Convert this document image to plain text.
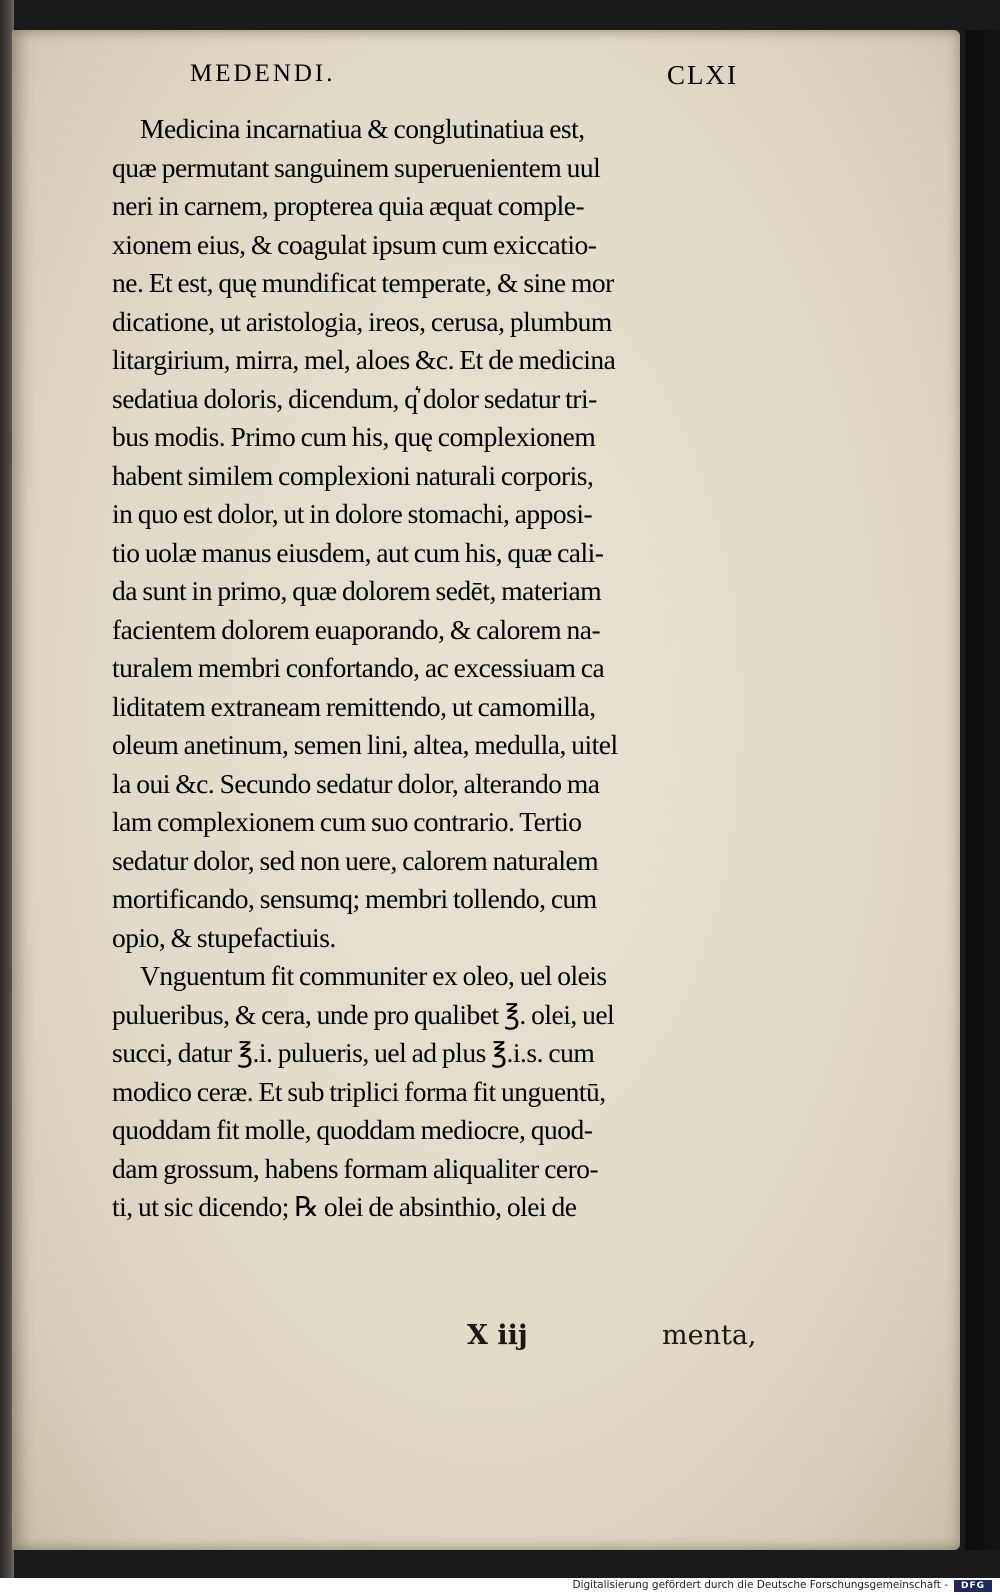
MEDENDI.	CLXI
Medicina incarnatiua & conglutinatiua est,
quæ permutant sanguinem superuenientem uul
neri in carnem, propterea quia æquat comple-
xionem eius, & coagulat ipsum cum exiccatio-
ne. Et est, quę mundificat temperate, & sine mor
dicatione, ut aristologia, ireos, cerusa, plumbum
litargirium, mirra, mel, aloes &c. Et de medicina
sedatiua doloris, dicendum, q͛ dolor sedatur tri-
bus modis. Primo cum his, quę complexionem
habent similem complexioni naturali corporis,
in quo est dolor, ut in dolore stomachi, apposi-
tio uolæ manus eiusdem, aut cum his, quæ cali-
da sunt in primo, quæ dolorem sedēt, materiam
facientem dolorem euaporando, & calorem na-
turalem membri confortando, ac excessiuam ca
liditatem extraneam remittendo, ut camomilla,
oleum anetinum, semen lini, altea, medulla, uitel
la oui &c. Secundo sedatur dolor, alterando ma
lam complexionem cum suo contrario. Tertio
sedatur dolor, sed non uere, calorem naturalem
mortificando, sensumq; membri tollendo, cum
opio, & stupefactiuis.
Vnguentum fit communiter ex oleo, uel oleis
pulueribus, & cera, unde pro qualibet ℥. olei, uel
succi, datur ℥.i. pulueris, uel ad plus ℥.i.s. cum
modico ceræ. Et sub triplici forma fit unguentū,
quoddam fit molle, quoddam mediocre, quod-
dam grossum, habens formam aliqualiter cero-
ti, ut sic dicendo; ℞ olei de absinthio, olei de
X iij	menta,
Digitalisierung gefördert durch die Deutsche Forschungsgemeinschaft -	DFG
